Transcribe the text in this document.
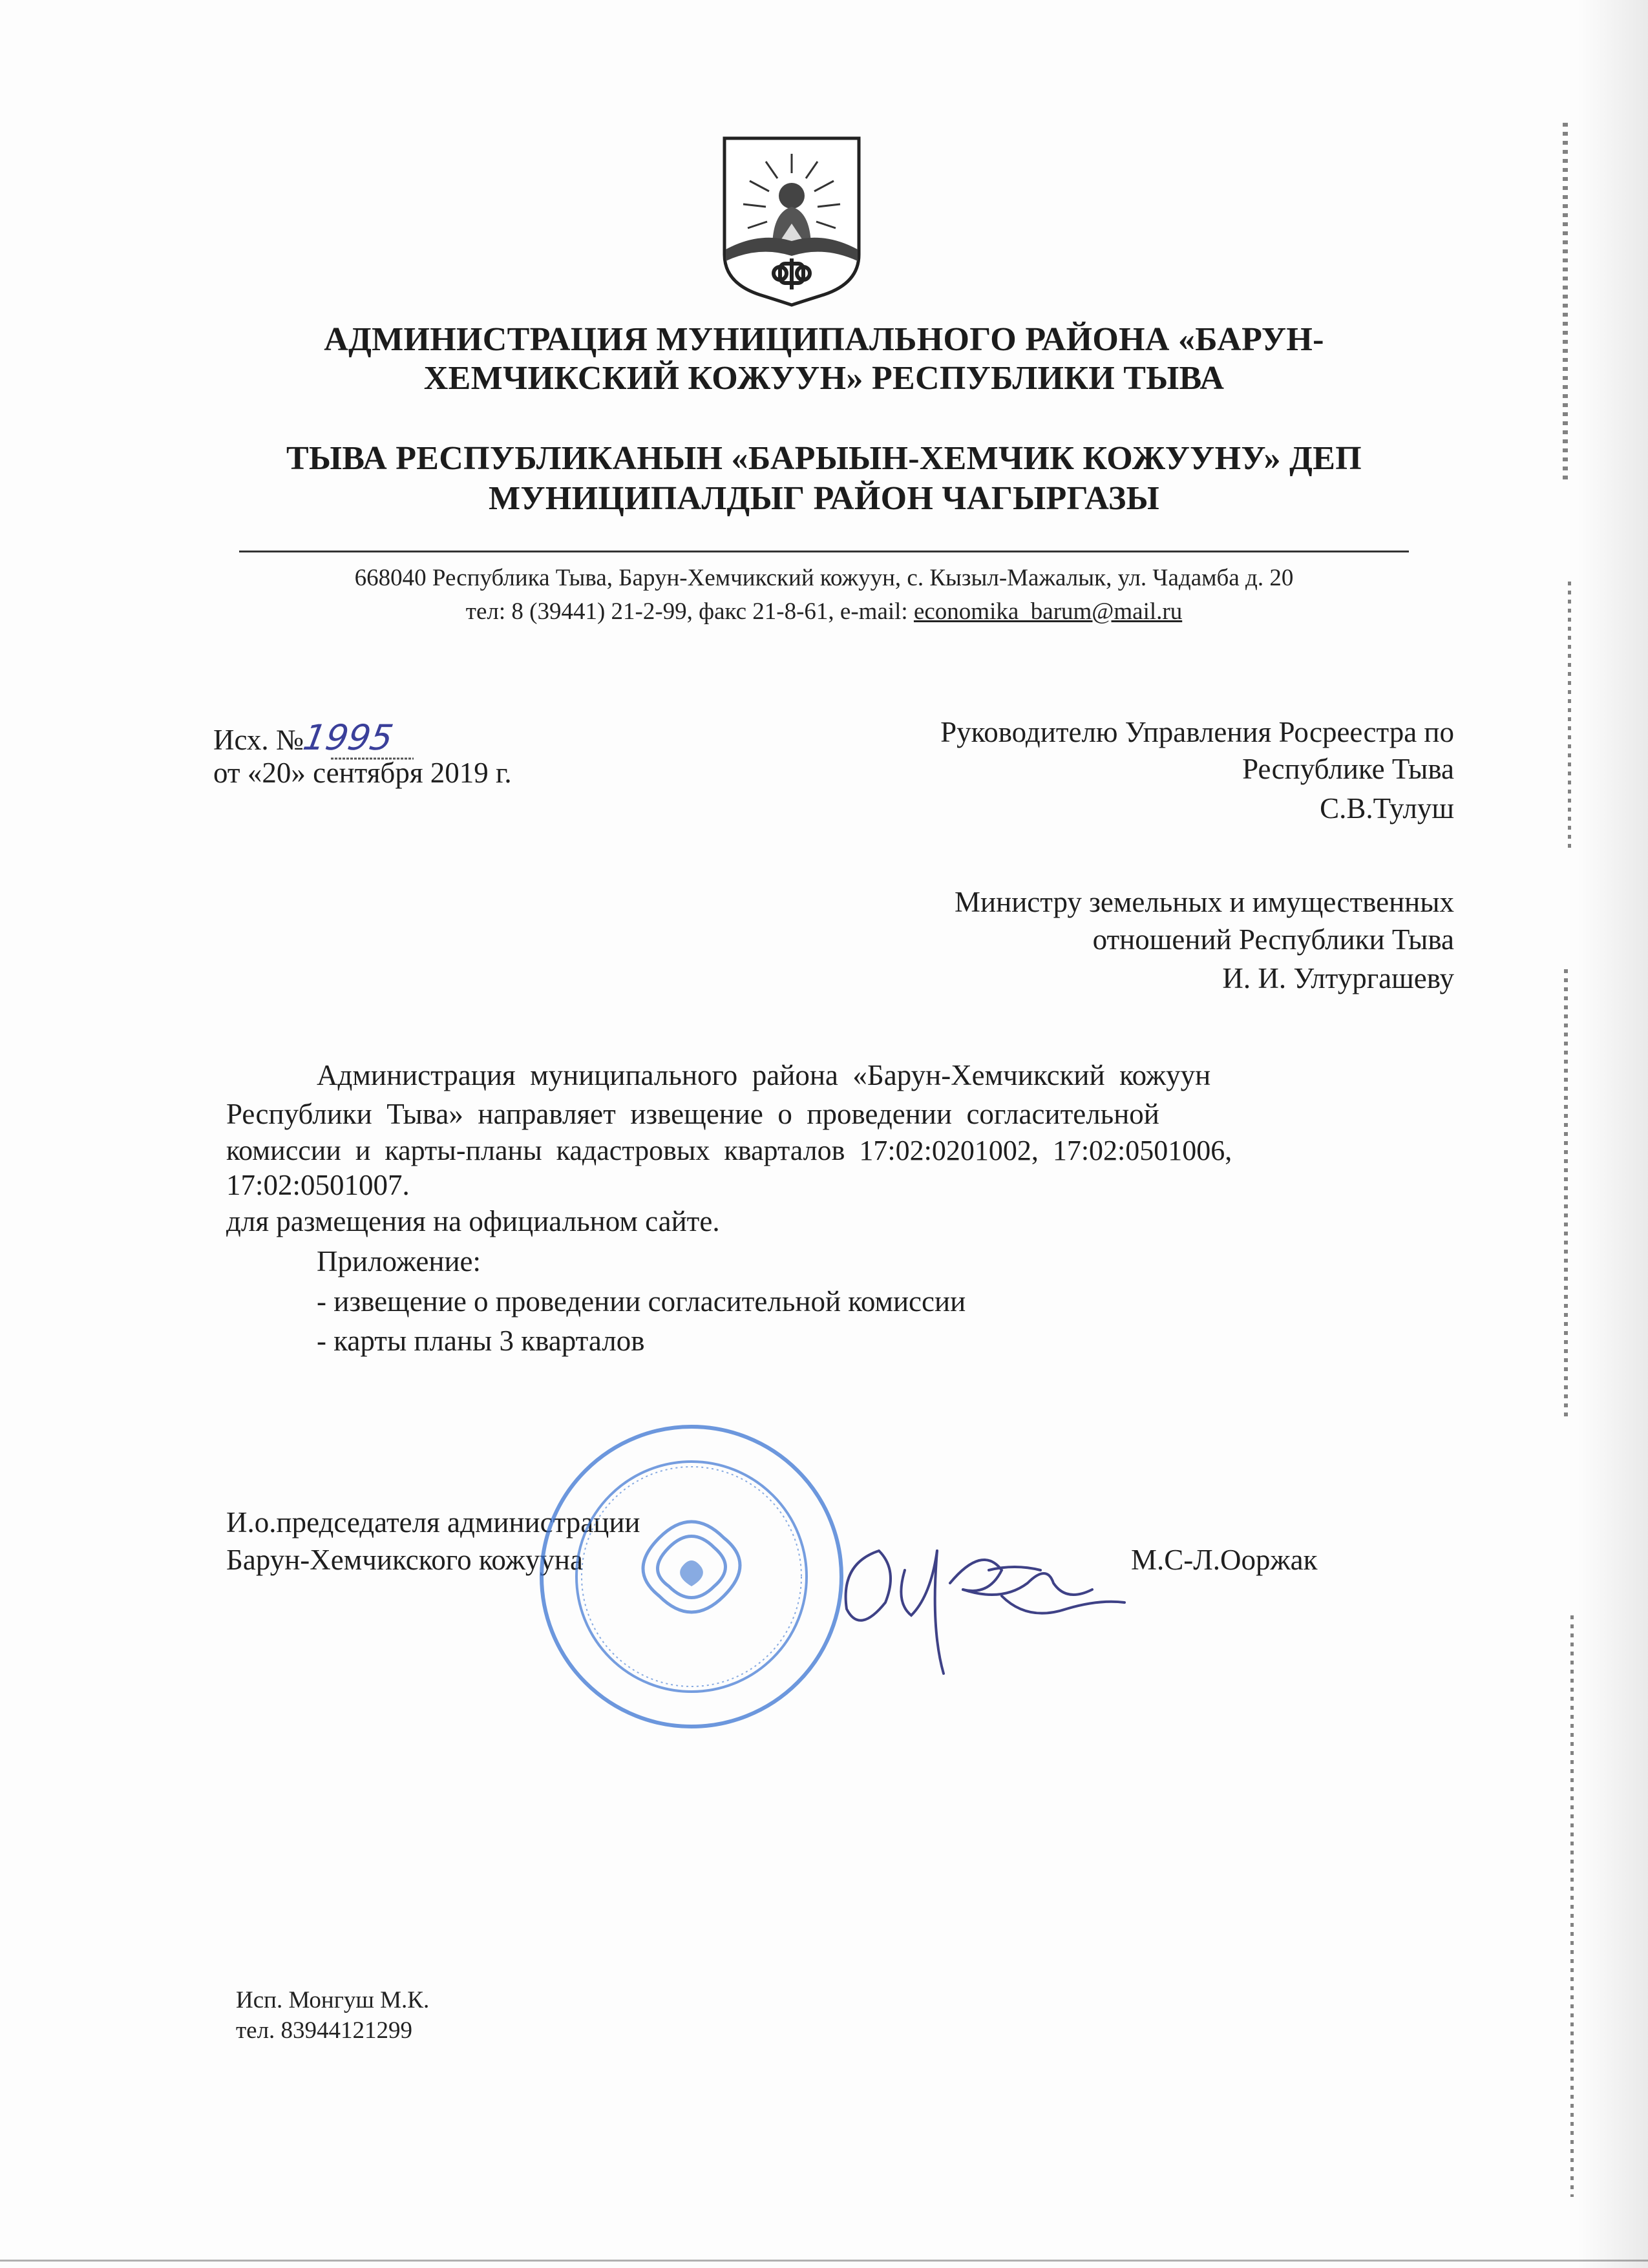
АДМИНИСТРАЦИЯ МУНИЦИПАЛЬНОГО РАЙОНА «БАРУН-
ХЕМЧИКСКИЙ КОЖУУН» РЕСПУБЛИКИ ТЫВА
ТЫВА РЕСПУБЛИКАНЫН «БАРЫЫН-ХЕМЧИК КОЖУУНУ» ДЕП
МУНИЦИПАЛДЫГ РАЙОН ЧАГЫРГАЗЫ
668040 Республика Тыва, Барун-Хемчикский кожуун, с. Кызыл-Мажалык, ул. Чадамба д. 20
тел: 8 (39441) 21-2-99, факс 21-8-61, e-mail: economika_barum@mail.ru
Исх. №1995
от «20» сентября 2019 г.
Руководителю Управления Росреестра по
Республике Тыва
С.В.Тулуш
Министру земельных и имущественных
отношений Республики Тыва
И. И. Ултургашеву
Администрация  муниципального  района  «Барун-Хемчикский  кожуун
Республики  Тыва»  направляет  извещение  о  проведении  согласительной
комиссии  и  карты-планы  кадастровых  кварталов  17:02:0201002,  17:02:0501006,
17:02:0501007.
для размещения на официальном сайте.
Приложение:
- извещение о проведении согласительной комиссии
- карты планы 3 кварталов
И.о.председателя администрации
Барун-Хемчикского кожууна	М.С-Л.Ооржак
Исп. Монгуш М.К.
тел. 83944121299
